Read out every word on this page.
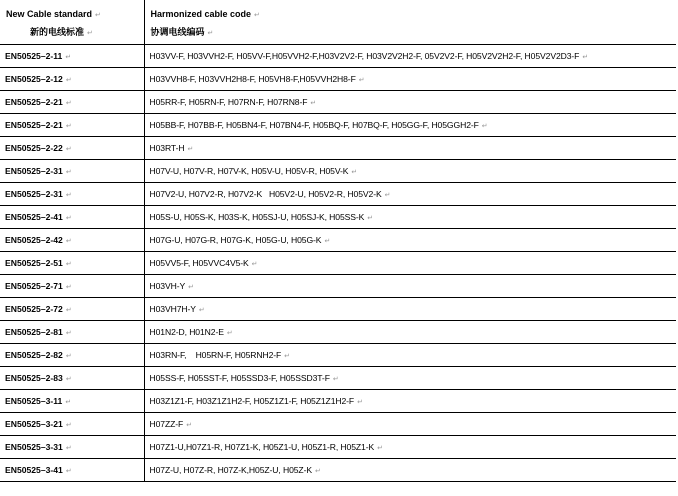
New Cable standard ↵
新的电线标准 ↵	Harmonized cable code ↵
协调电线编码 ↵

EN50525–2-11 ↵	H03VV-F, H03VVH2-F, H05VV-F,H05VVH2-F,H03V2V2-F, H03V2V2H2-F, 05V2V2-F, H05V2V2H2-F, H05V2V2D3-F ↵
EN50525–2-12 ↵	H03VVH8-F, H03VVH2H8-F, H05VH8-F,H05VVH2H8-F ↵
EN50525–2-21 ↵	H05RR-F, H05RN-F, H07RN-F, H07RN8-F ↵
EN50525–2-21 ↵	H05BB-F, H07BB-F, H05BN4-F, H07BN4-F, H05BQ-F, H07BQ-F, H05GG-F, H05GGH2-F ↵
EN50525–2-22 ↵	H03RT-H ↵
EN50525–2-31 ↵	H07V-U, H07V-R, H07V-K, H05V-U, H05V-R, H05V-K ↵
EN50525–2-31 ↵	H07V2-U, H07V2-R, H07V2-K   H05V2-U, H05V2-R, H05V2-K ↵
EN50525–2-41 ↵	H05S-U, H05S-K, H03S-K, H05SJ-U, H05SJ-K, H05SS-K ↵
EN50525–2-42 ↵	H07G-U, H07G-R, H07G-K, H05G-U, H05G-K ↵
EN50525–2-51 ↵	H05VV5-F, H05VVC4V5-K ↵
EN50525–2-71 ↵	H03VH-Y ↵
EN50525–2-72 ↵	H03VH7H-Y ↵
EN50525–2-81 ↵	H01N2-D, H01N2-E ↵
EN50525–2-82 ↵	H03RN-F,    H05RN-F, H05RNH2-F ↵
EN50525–2-83 ↵	H05SS-F, H05SST-F, H05SSD3-F, H05SSD3T-F ↵
EN50525–3-11 ↵	H03Z1Z1-F, H03Z1Z1H2-F, H05Z1Z1-F, H05Z1Z1H2-F ↵
EN50525–3-21 ↵	H07ZZ-F ↵
EN50525–3-31 ↵	H07Z1-U,H07Z1-R, H07Z1-K, H05Z1-U, H05Z1-R, H05Z1-K ↵
EN50525–3-41 ↵	H07Z-U, H07Z-R, H07Z-K,H05Z-U, H05Z-K ↵
